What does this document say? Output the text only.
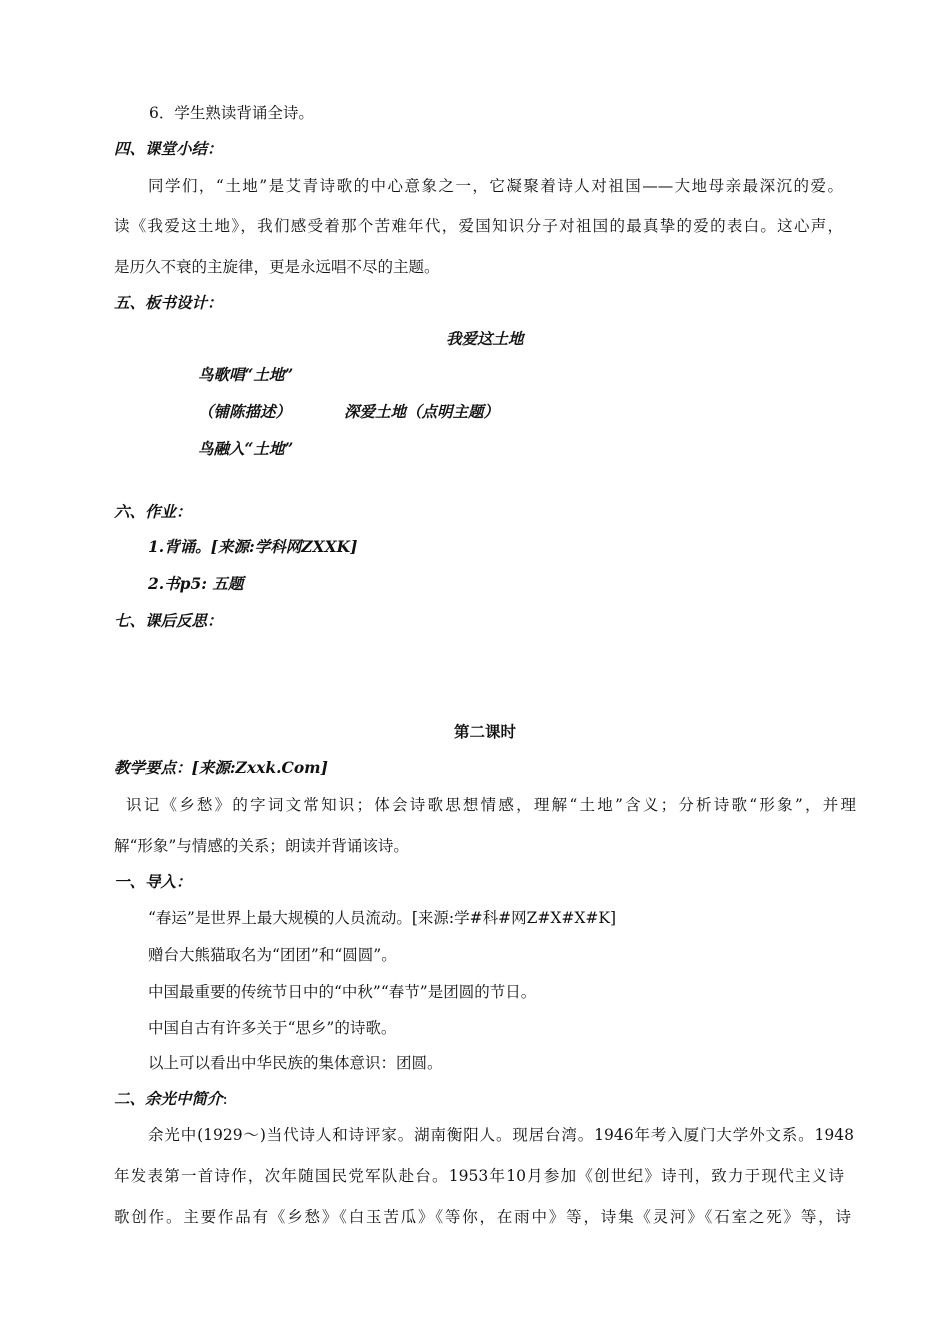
6．学生熟读背诵全诗。
四、课堂小结：
同学们，“土地”是艾青诗歌的中心意象之一，它凝聚着诗人对祖国——大地母亲最深沉的爱。
读《我爱这土地》，我们感受着那个苦难年代，爱国知识分子对祖国的最真挚的爱的表白。这心声，
是历久不衰的主旋律，更是永远唱不尽的主题。
五、板书设计：
我爱这土地
鸟歌唱“土地”
（铺陈描述）	深爱土地（点明主题）
鸟融入“土地”
六、作业：
1.背诵。[来源:学科网ZXXK]
2.书p5: 五题
七、课后反思：
第二课时
教学要点：[来源:Zxxk.Com]
识记《乡愁》的字词文常知识；体会诗歌思想情感，理解“土地”含义；分析诗歌“形象”，并理
解“形象”与情感的关系；朗读并背诵该诗。
一、导入：
“春运”是世界上最大规模的人员流动。[来源:学#科#网Z#X#X#K]
赠台大熊猫取名为“团团”和“圆圆”。
中国最重要的传统节日中的“中秋”“春节”是团圆的节日。
中国自古有许多关于“思乡”的诗歌。
以上可以看出中华民族的集体意识：团圆。
二、余光中简介:
余光中(1929～)当代诗人和诗评家。湖南衡阳人。现居台湾。1946年考入厦门大学外文系。1948
年发表第一首诗作，次年随国民党军队赴台。1953年10月参加《创世纪》诗刊，致力于现代主义诗
歌创作。主要作品有《乡愁》《白玉苦瓜》《等你，在雨中》等，诗集《灵河》《石室之死》等，诗
